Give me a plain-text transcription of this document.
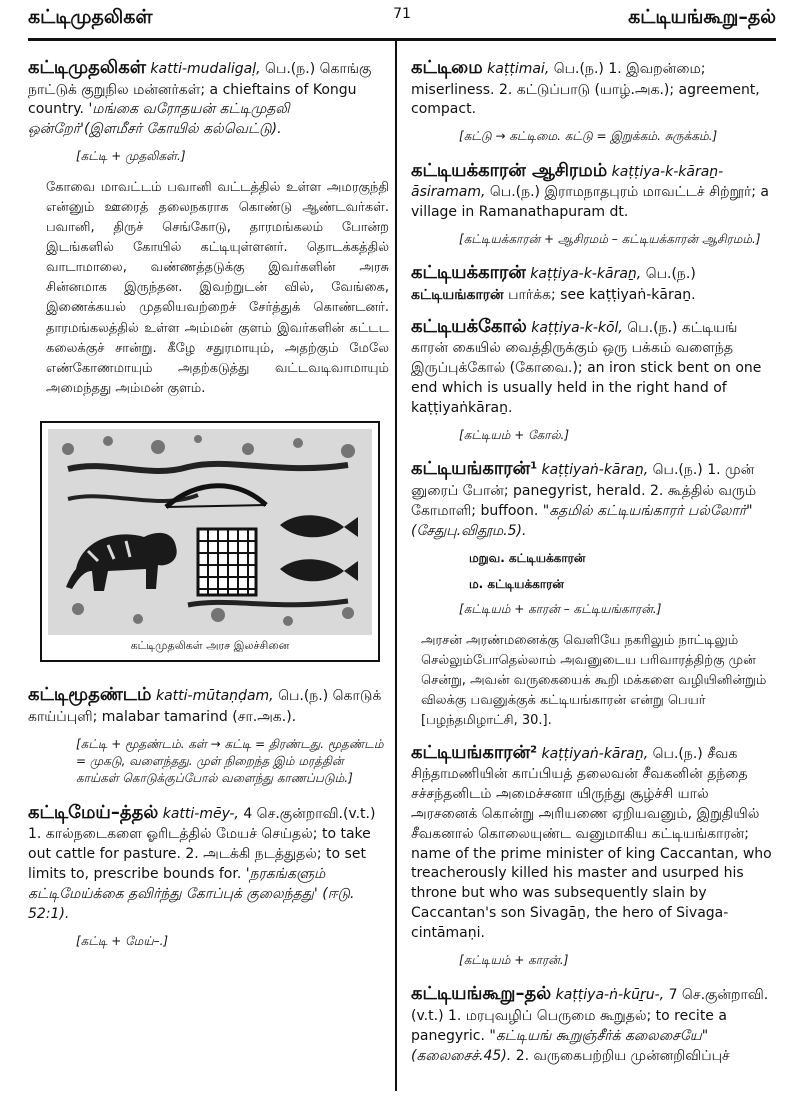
கட்டிமுதலிகள்	71	கட்டியங்கூறு–தல்
கட்டிமுதலிகள் katti-mudaligaḷ, பெ.(ந.) கொங்கு நாட்டுக் குறுநில மன்னர்கள்; a chieftains of Kongu country. 'மங்கை வரோதயன் கட்டிமுதலி ஒன்றேர்'(இளமீசர் கோயில் கல்வெட்டு).
[கட்டி + முதலிகள்.]
கோவை மாவட்டம் பவானி வட்டத்தில் உள்ள அமரகுந்தி என்னும் ஊரைத் தலைநகராக கொண்டு ஆண்டவர்கள். பவானி, திருச் செங்கோடு, தாரமங்கலம் போன்ற இடங்களில் கோயில் கட்டியுள்ளனர். தொடக்கத்தில் வாடாமாலை, வண்ணத்தடுக்கு இவர்களின் அரசு சின்னமாக இருந்தன. இவற்றுடன் வில், வேங்கை, இணைக்கயல் முதலியவற்றைச் சேர்த்துக் கொண்டனர். தாரமங்கலத்தில் உள்ள அம்மன் குளம் இவர்களின் கட்டட கலைக்குச் சான்று. கீழே சதுரமாயும், அதற்கும் மேலே எண்கோணமாயும் அதற்கடுத்து வட்டவடிவாமாயும் அமைந்தது அம்மன் குளம்.
கட்டிமுதலிகள் அரச இலச்சினை
கட்டிமூதண்டம் katti-mūtaṇḍam, பெ.(ந.) கொடுக் காய்ப்புளி; malabar tamarind (சா.அக.).
[கட்டி + மூதண்டம். கள் → கட்டி = திரண்டது. மூதண்டம் = முகடு, வளைந்தது. முள் நிறைந்த இம் மரத்தின் காய்கள் கொடுக்குப்போல் வளைந்து காணப்படும்.]
கட்டிமேய்–த்தல் katti-mēy-, 4 செ.குன்றாவி.(v.t.) 1. கால்நடைகளை ஓரிடத்தில் மேயச் செய்தல்; to take out cattle for pasture. 2. அடக்கி நடத்துதல்; to set limits to, prescribe bounds for. 'நரகங்களும் கட்டிமேய்க்கை தவிர்ந்து கோப்புக் குலைந்தது' (ஈடு. 52:1).
[கட்டி + மேய்–.]
கட்டிமை kaṭṭimai, பெ.(ந.) 1. இவறன்மை; miserliness. 2. கட்டுப்பாடு (யாழ்.அக.); agreement, compact.
[கட்டு → கட்டிமை. கட்டு = இறுக்கம். சுருக்கம்.]
கட்டியக்காரன் ஆசிரமம் kaṭṭiya-k-kāraṉ-āsiramam, பெ.(ந.) இராமநாதபுரம் மாவட்டச் சிற்றூர்; a village in Ramanathapuram dt.
[கட்டியக்காரன் + ஆசிரமம் – கட்டியக்காரன் ஆசிரமம்.]
கட்டியக்காரன் kaṭṭiya-k-kāraṉ, பெ.(ந.) கட்டியங்காரன் பார்க்க; see kaṭṭiyaṅ-kāraṉ.
கட்டியக்கோல் kaṭṭiya-k-kōl, பெ.(ந.) கட்டியங் காரன் கையில் வைத்திருக்கும் ஒரு பக்கம் வளைந்த இருப்புக்கோல் (கோவை.); an iron stick bent on one end which is usually held in the right hand of kaṭṭiyaṅkāraṉ.
[கட்டியம் + கோல்.]
கட்டியங்காரன்$^1$ kaṭṭiyaṅ-kāraṉ, பெ.(ந.) 1. முன் னுரைப் போன்; panegyrist, herald. 2. கூத்தில் வரும் கோமாளி; buffoon. "கதமில் கட்டியங்காரர் பல்லோர்" (சேதுபு.விதூம.5).
மறுவ. கட்டியக்காரன்
ம. கட்டியக்காரன்
[கட்டியம் + காரன் – கட்டியங்காரன்.]
அரசன் அரண்மனைக்கு வெளியே நகரிலும் நாட்டிலும் செல்லும்போதெல்லாம் அவனுடைய பரிவாரத்திற்கு முன் சென்று, அவன் வருகையைக் கூறி மக்களை வழியினின்றும் விலக்கு பவனுக்குக் கட்டியங்காரன் என்று பெயர் [பழந்தமிழாட்சி, 30.].
கட்டியங்காரன்$^2$ kaṭṭiyaṅ-kāraṉ, பெ.(ந.) சீவக சிந்தாமணியின் காப்பியத் தலைவன் சீவகனின் தந்தை சச்சந்தனிடம் அமைச்சனா யிருந்து சூழ்ச்சி யால் அரசனைக் கொன்று அரியணை ஏறியவனும், இறுதியில் சீவகனால் கொலையுண்ட வனுமாகிய கட்டியங்காரன்; name of the prime minister of king Caccantan, who treacherously killed his master and usurped his throne but who was subsequently slain by Caccantan's son Sivagāṉ, the hero of Sivaga-cintāmaṇi.
[கட்டியம் + காரன்.]
கட்டியங்கூறு–தல் kaṭṭiya-ṅ-kūṟu-, 7 செ.குன்றாவி.(v.t.) 1. மரபுவழிப் பெருமை கூறுதல்; to recite a panegyric. "கட்டியங் கூறுஞ்சீர்க் கலைசையே" (கலைசைச்.45). 2. வருகைபற்றிய முன்னறிவிப்புச்
